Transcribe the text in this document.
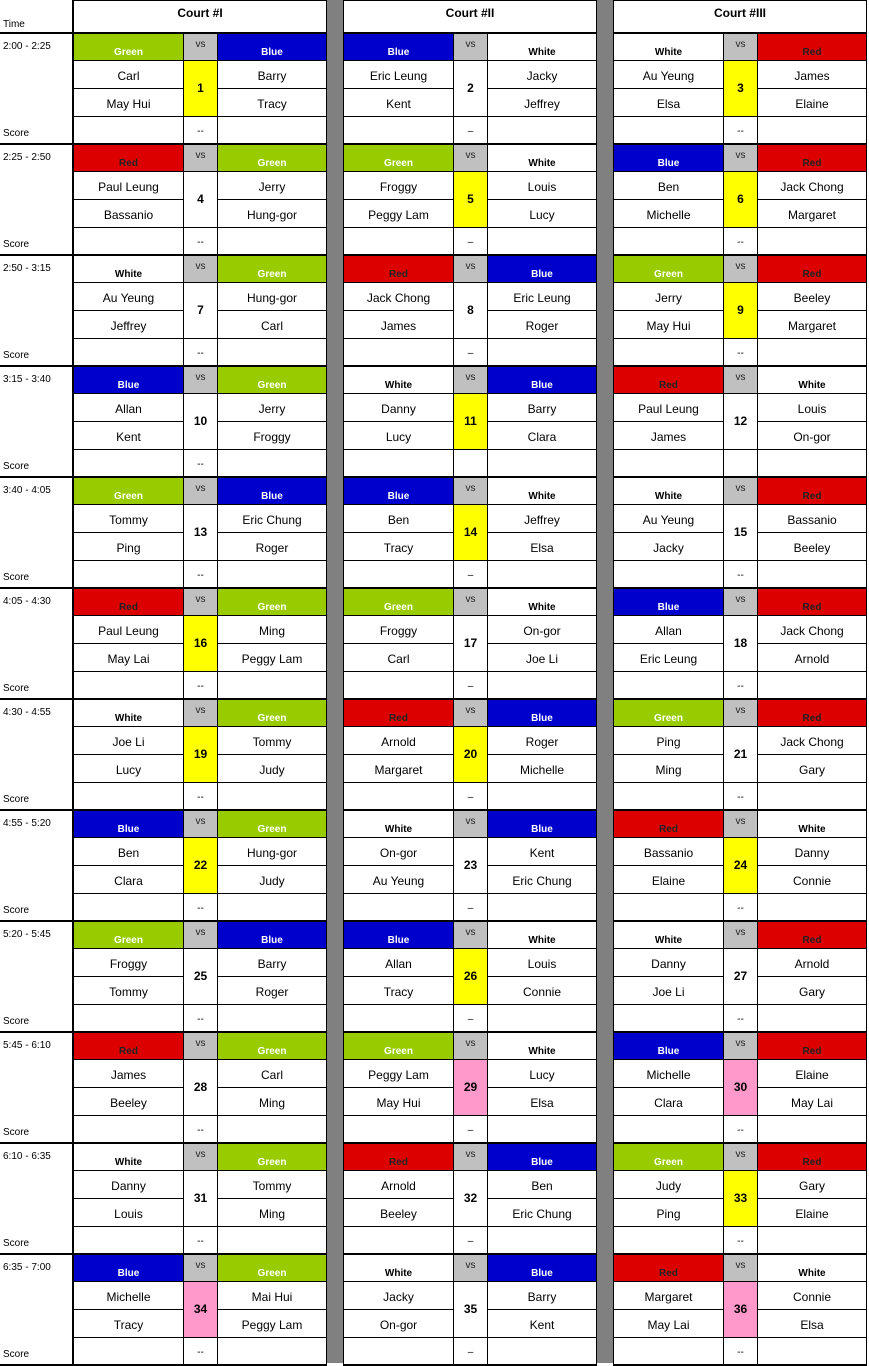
Time
2:00 - 2:25
Score
2:25 - 2:50
Score
2:50 - 3:15
Score
3:15 - 3:40
Score
3:40 - 4:05
Score
4:05 - 4:30
Score
4:30 - 4:55
Score
4:55 - 5:20
Score
5:20 - 5:45
Score
5:45 - 6:10
Score
6:10 - 6:35
Score
6:35 - 7:00
Score
Court #I
Green
vs
Blue
Carl
May Hui
Barry
Tracy
1
--
Red
vs
Green
Paul Leung
Bassanio
Jerry
Hung-gor
4
--
White
vs
Green
Au Yeung
Jeffrey
Hung-gor
Carl
7
--
Blue
vs
Green
Allan
Kent
Jerry
Froggy
10
--
Green
vs
Blue
Tommy
Ping
Eric Chung
Roger
13
--
Red
vs
Green
Paul Leung
May Lai
Ming
Peggy Lam
16
--
White
vs
Green
Joe Li
Lucy
Tommy
Judy
19
--
Blue
vs
Green
Ben
Clara
Hung-gor
Judy
22
--
Green
vs
Blue
Froggy
Tommy
Barry
Roger
25
--
Red
vs
Green
James
Beeley
Carl
Ming
28
--
White
vs
Green
Danny
Louis
Tommy
Ming
31
--
Blue
vs
Green
Michelle
Tracy
Mai Hui
Peggy Lam
34
--
Court #II
Blue
vs
White
Eric Leung
Kent
Jacky
Jeffrey
2
–
Green
vs
White
Froggy
Peggy Lam
Louis
Lucy
5
–
Red
vs
Blue
Jack Chong
James
Eric Leung
Roger
8
–
White
vs
Blue
Danny
Lucy
Barry
Clara
11
Blue
vs
White
Ben
Tracy
Jeffrey
Elsa
14
–
Green
vs
White
Froggy
Carl
On-gor
Joe Li
17
–
Red
vs
Blue
Arnold
Margaret
Roger
Michelle
20
–
White
vs
Blue
On-gor
Au Yeung
Kent
Eric Chung
23
–
Blue
vs
White
Allan
Tracy
Louis
Connie
26
–
Green
vs
White
Peggy Lam
May Hui
Lucy
Elsa
29
–
Red
vs
Blue
Arnold
Beeley
Ben
Eric Chung
32
–
White
vs
Blue
Jacky
On-gor
Barry
Kent
35
–
Court #III
White
vs
Red
Au Yeung
Elsa
James
Elaine
3
--
Blue
vs
Red
Ben
Michelle
Jack Chong
Margaret
6
--
Green
vs
Red
Jerry
May Hui
Beeley
Margaret
9
--
Red
vs
White
Paul Leung
James
Louis
On-gor
12
White
vs
Red
Au Yeung
Jacky
Bassanio
Beeley
15
--
Blue
vs
Red
Allan
Eric Leung
Jack Chong
Arnold
18
--
Green
vs
Red
Ping
Ming
Jack Chong
Gary
21
--
Red
vs
White
Bassanio
Elaine
Danny
Connie
24
--
White
vs
Red
Danny
Joe Li
Arnold
Gary
27
--
Blue
vs
Red
Michelle
Clara
Elaine
May Lai
30
--
Green
vs
Red
Judy
Ping
Gary
Elaine
33
--
Red
vs
White
Margaret
May Lai
Connie
Elsa
36
--
